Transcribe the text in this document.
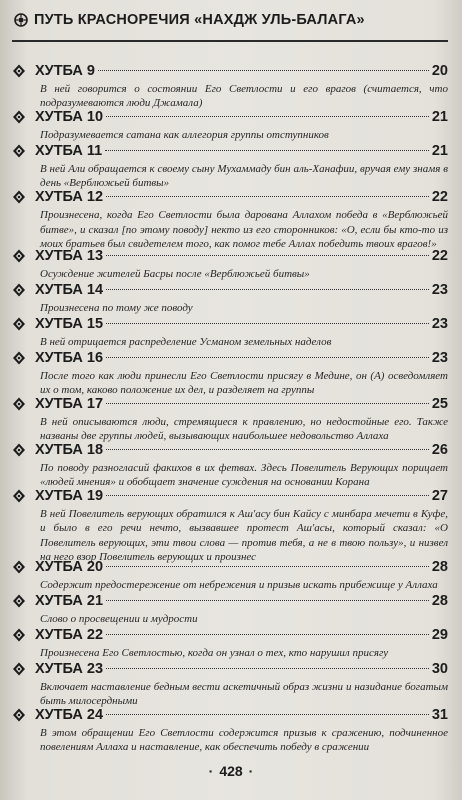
ПУТЬ КРАСНОРЕЧИЯ «НАХДЖ УЛЬ-БАЛАГА»
ХУТБА 9	20
В ней говорится о состоянии Его Светлости и его врагов (считается, что подразумеваются люди Джамала)
ХУТБА 10	21
Подразумевается сатана как аллегория группы отступников
ХУТБА 11	21
В ней Али обращается к своему сыну Мухаммаду бин аль-Ханафии, вручая ему знамя в день «Верблюжьей битвы»
ХУТБА 12	22
Произнесена, когда Его Светлости была дарована Аллахом победа в «Верблюжьей битве», и сказал [по этому поводу] некто из его сторонников: «О, если бы кто-то из моих братьев был свидетелем того, как помог тебе Аллах победить твоих врагов!»
ХУТБА 13	22
Осуждение жителей Басры после «Верблюжьей битвы»
ХУТБА 14	23
Произнесена по тому же поводу
ХУТБА 15	23
В ней отрицается распределение Усманом земельных наделов
ХУТБА 16	23
После того как люди принесли Его Светлости присягу в Медине, он (А) осведомляет их о том, каково положение их дел, и разделяет на группы
ХУТБА 17	25
В ней описываются люди, стремящиеся к правлению, но недостойные его. Также названы две группы людей, вызывающих наибольшее недовольство Аллаха
ХУТБА 18	26
По поводу разногласий факихов в их фетвах. Здесь Повелитель Верующих порицает «людей мнения» и обобщает значение суждения на основании Корана
ХУТБА 19	27
В ней Повелитель верующих обратился к Аш'асу бин Кайсу с минбара мечети в Куфе, и было в его речи нечто, вызвавшее протест Аш'асы, который сказал: «О Повелитель верующих, эти твои слова — против тебя, а не в твою пользу», и низвел на него взор Повелитель верующих и произнес
ХУТБА 20	28
Содержит предостережение от небрежения и призыв искать прибежище у Аллаха
ХУТБА 21	28
Слово о просвещении и мудрости
ХУТБА 22	29
Произнесена Его Светлостью, когда он узнал о тех, кто нарушил присягу
ХУТБА 23	30
Включает наставление бедным вести аскетичный образ жизни и назидание богатым быть милосердными
ХУТБА 24	31
В этом обращении Его Светлости содержится призыв к сражению, подчиненное повелениям Аллаха и наставление, как обеспечить победу в сражении
· 428 ·
